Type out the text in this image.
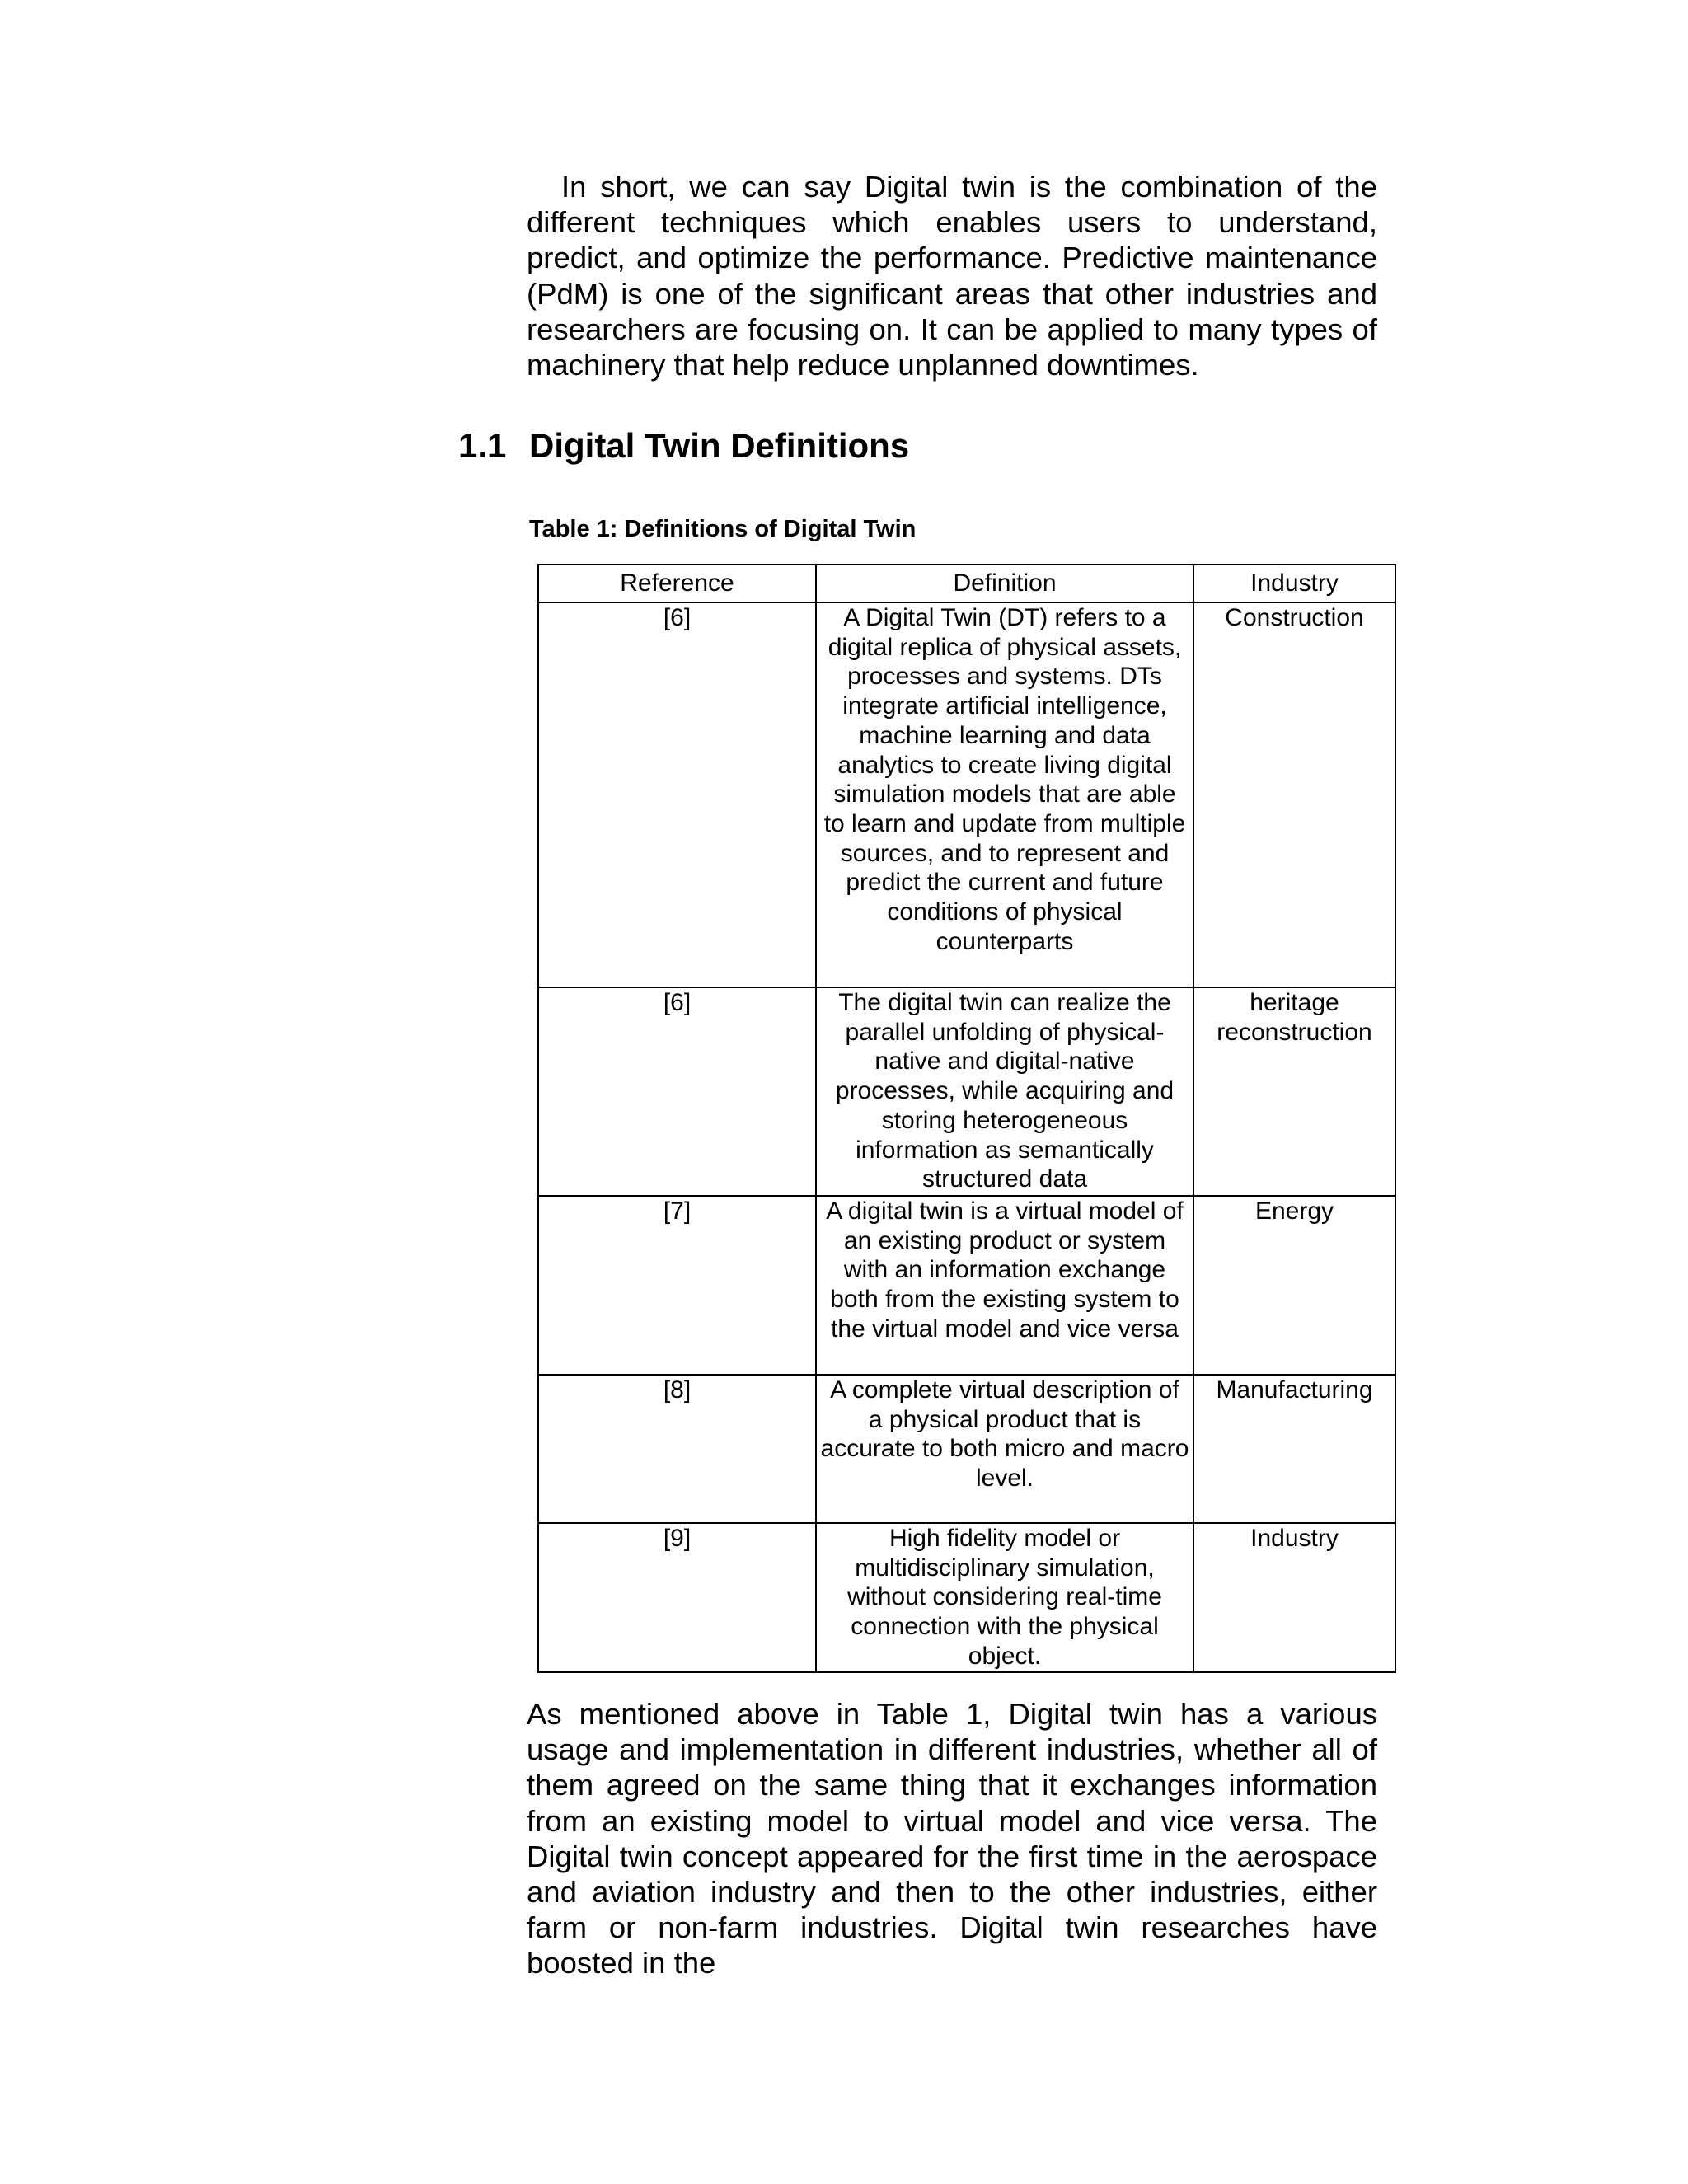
In short, we can say Digital twin is the combination of the different techniques which enables users to understand, predict, and optimize the performance. Predictive maintenance (PdM) is one of the significant areas that other industries and researchers are focusing on. It can be applied to many types of machinery that help reduce unplanned downtimes.

1.1 Digital Twin Definitions

Table 1: Definitions of Digital Twin

Reference	Definition	Industry
[6]	A Digital Twin (DT) refers to a digital replica of physical assets, processes and systems. DTs integrate artificial intelligence, machine learning and data analytics to create living digital simulation models that are able to learn and update from multiple sources, and to represent and predict the current and future conditions of physical counterparts	Construction
[6]	The digital twin can realize the parallel unfolding of physical-native and digital-native processes, while acquiring and storing heterogeneous information as semantically structured data	heritage reconstruction
[7]	A digital twin is a virtual model of an existing product or system with an information exchange both from the existing system to the virtual model and vice versa	Energy
[8]	A complete virtual description of a physical product that is accurate to both micro and macro level.	Manufacturing
[9]	High fidelity model or multidisciplinary simulation, without considering real-time connection with the physical object.	Industry

As mentioned above in Table 1, Digital twin has a various usage and implementation in different industries, whether all of them agreed on the same thing that it exchanges information from an existing model to virtual model and vice versa. The Digital twin concept appeared for the first time in the aerospace and aviation industry and then to the other industries, either farm or non-farm industries. Digital twin researches have boosted in the
